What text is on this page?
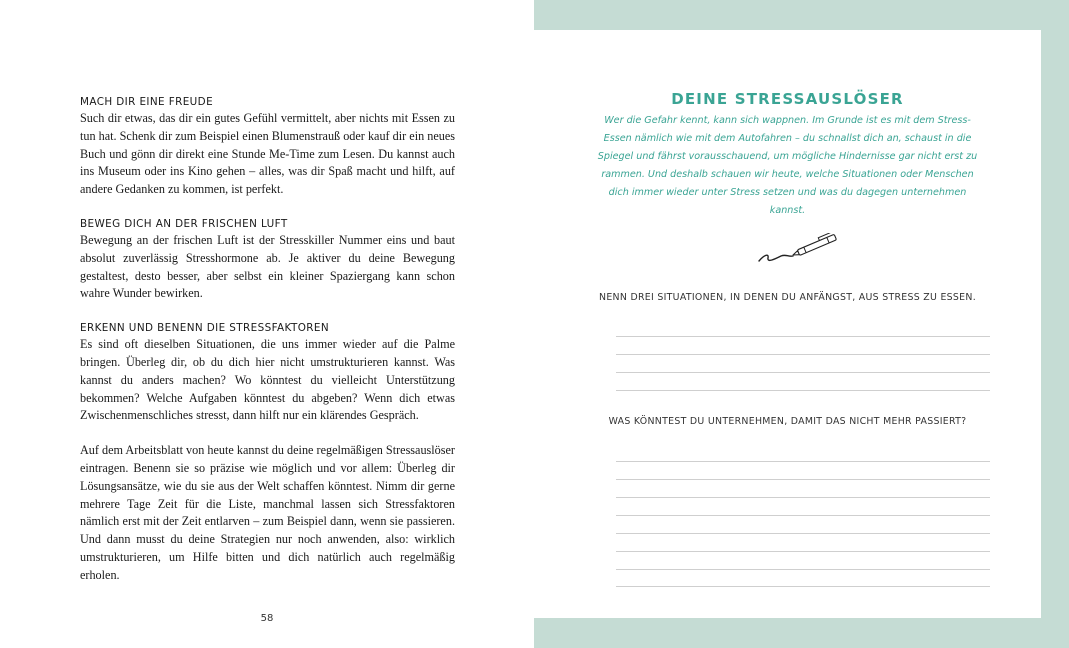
MACH DIR EINE FREUDE

Such dir etwas, das dir ein gutes Gefühl vermittelt, aber nichts mit Essen zu tun hat. Schenk dir zum Beispiel einen Blumenstrauß oder kauf dir ein neues Buch und gönn dir direkt eine Stunde Me-Time zum Lesen. Du kannst auch ins Museum oder ins Kino gehen – alles, was dir Spaß macht und hilft, auf andere Gedanken zu kommen, ist perfekt.

BEWEG DICH AN DER FRISCHEN LUFT

Bewegung an der frischen Luft ist der Stresskiller Nummer eins und baut absolut zuverlässig Stresshormone ab. Je aktiver du deine Bewegung gestaltest, desto besser, aber selbst ein kleiner Spaziergang kann schon wahre Wunder bewirken.

ERKENN UND BENENN DIE STRESSFAKTOREN

Es sind oft dieselben Situationen, die uns immer wieder auf die Palme bringen. Überleg dir, ob du dich hier nicht umstrukturieren kannst. Was kannst du anders machen? Wo könntest du vielleicht Unterstützung bekommen? Welche Aufgaben könntest du abgeben? Wenn dich etwas Zwischenmenschliches stresst, dann hilft nur ein klärendes Gespräch.

Auf dem Arbeitsblatt von heute kannst du deine regelmäßigen Stressauslöser eintragen. Benenn sie so präzise wie möglich und vor allem: Überleg dir Lösungsansätze, wie du sie aus der Welt schaffen könntest. Nimm dir gerne mehrere Tage Zeit für die Liste, manchmal lassen sich Stressfaktoren nämlich erst mit der Zeit entlarven – zum Beispiel dann, wenn sie passieren. Und dann musst du deine Strategien nur noch anwenden, also: wirklich umstrukturieren, um Hilfe bitten und dich natürlich auch regelmäßig erholen.

58
DEINE STRESSAUSLÖSER

Wer die Gefahr kennt, kann sich wappnen. Im Grunde ist es mit dem Stress-Essen nämlich wie mit dem Autofahren – du schnallst dich an, schaust in die Spiegel und fährst vorausschauend, um mögliche Hindernisse gar nicht erst zu rammen. Und deshalb schauen wir heute, welche Situationen oder Menschen dich immer wieder unter Stress setzen und was du dagegen unternehmen kannst.

NENN DREI SITUATIONEN, IN DENEN DU ANFÄNGST, AUS STRESS ZU ESSEN.

WAS KÖNNTEST DU UNTERNEHMEN, DAMIT DAS NICHT MEHR PASSIERT?
